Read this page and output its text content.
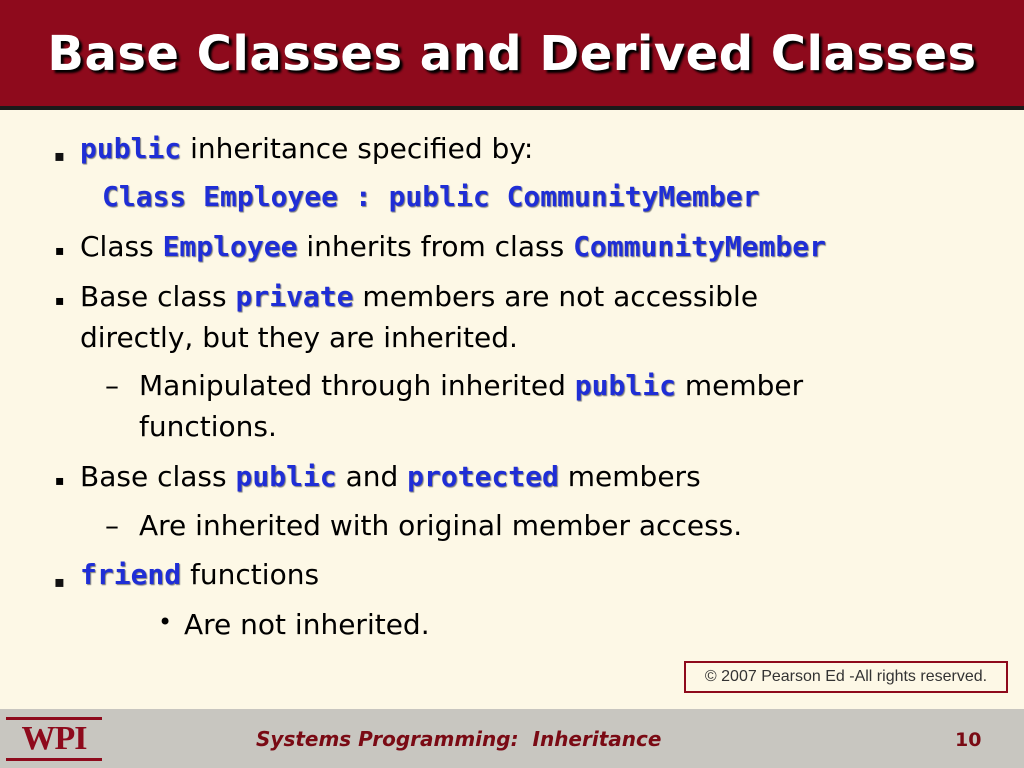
Base Classes and Derived Classes
▪ public inheritance specified by:
Class Employee : public CommunityMember
▪ Class Employee inherits from class CommunityMember
▪ Base class private members are not accessible
directly, but they are inherited.
– Manipulated through inherited public member
functions.
▪ Base class public and protected members
– Are inherited with original member access.
▪ friend functions
• Are not inherited.
© 2007 Pearson Ed -All rights reserved.
WPI	Systems Programming:  Inheritance	10
